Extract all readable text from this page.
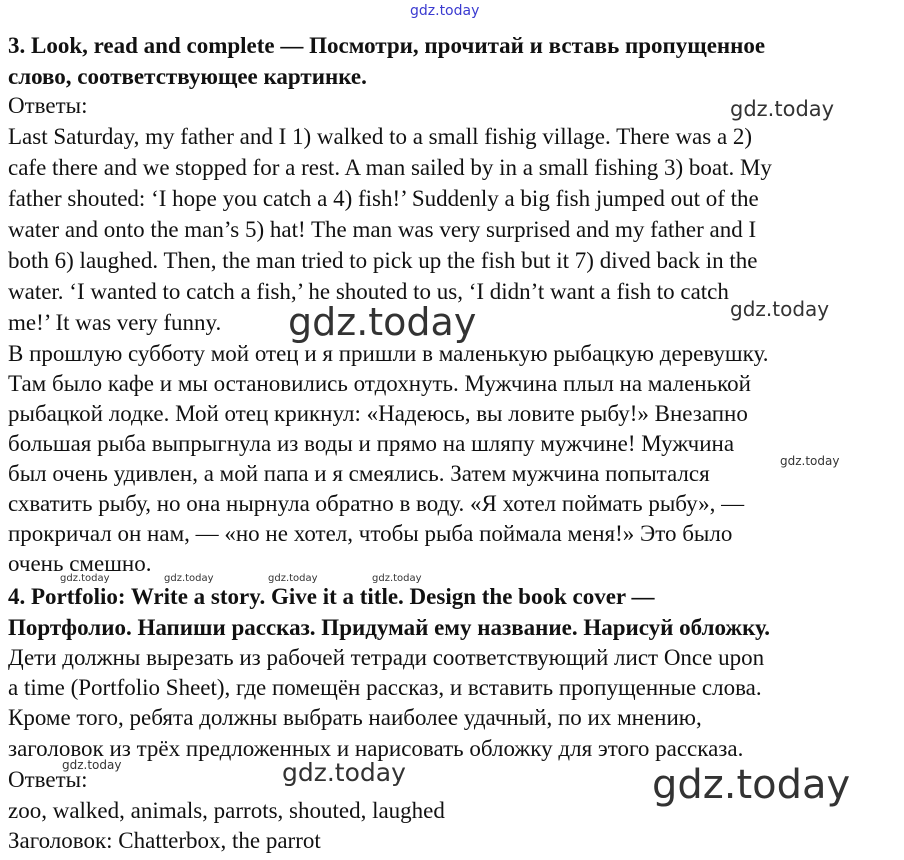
gdz.today
gdz.today
gdz.today	gdz.today
gdz.today
gdz.today	gdz.today	gdz.today	gdz.today
gdz.today	gdz.today	gdz.today
3. Look, read and complete — Посмотри, прочитай и вставь пропущенное
слово, соответствующее картинке.
Ответы:
Last Saturday, my father and I 1) walked to a small fishig village. There was a 2)
cafe there and we stopped for a rest. A man sailed by in a small fishing 3) boat. My
father shouted: ‘I hope you catch a 4) fish!’ Suddenly a big fish jumped out of the
water and onto the man’s 5) hat! The man was very surprised and my father and I
both 6) laughed. Then, the man tried to pick up the fish but it 7) dived back in the
water. ‘I wanted to catch a fish,’ he shouted to us, ‘I didn’t want a fish to catch
me!’ It was very funny.
В прошлую субботу мой отец и я пришли в маленькую рыбацкую деревушку.
Там было кафе и мы остановились отдохнуть. Мужчина плыл на маленькой
рыбацкой лодке. Мой отец крикнул: «Надеюсь, вы ловите рыбу!» Внезапно
большая рыба выпрыгнула из воды и прямо на шляпу мужчине! Мужчина
был очень удивлен, а мой папа и я смеялись. Затем мужчина попытался
схватить рыбу, но она нырнула обратно в воду. «Я хотел поймать рыбу», —
прокричал он нам, — «но не хотел, чтобы рыба поймала меня!» Это было
очень смешно.
4. Portfolio: Write a story. Give it a title. Design the book cover —
Портфолио. Напиши рассказ. Придумай ему название. Нарисуй обложку.
Дети должны вырезать из рабочей тетради соответствующий лист Once upon
a time (Portfolio Sheet), где помещён рассказ, и вставить пропущенные слова.
Кроме того, ребята должны выбрать наиболее удачный, по их мнению,
заголовок из трёх предложенных и нарисовать обложку для этого рассказа.
Ответы:
zoo, walked, animals, parrots, shouted, laughed
Заголовок: Chatterbox, the parrot
